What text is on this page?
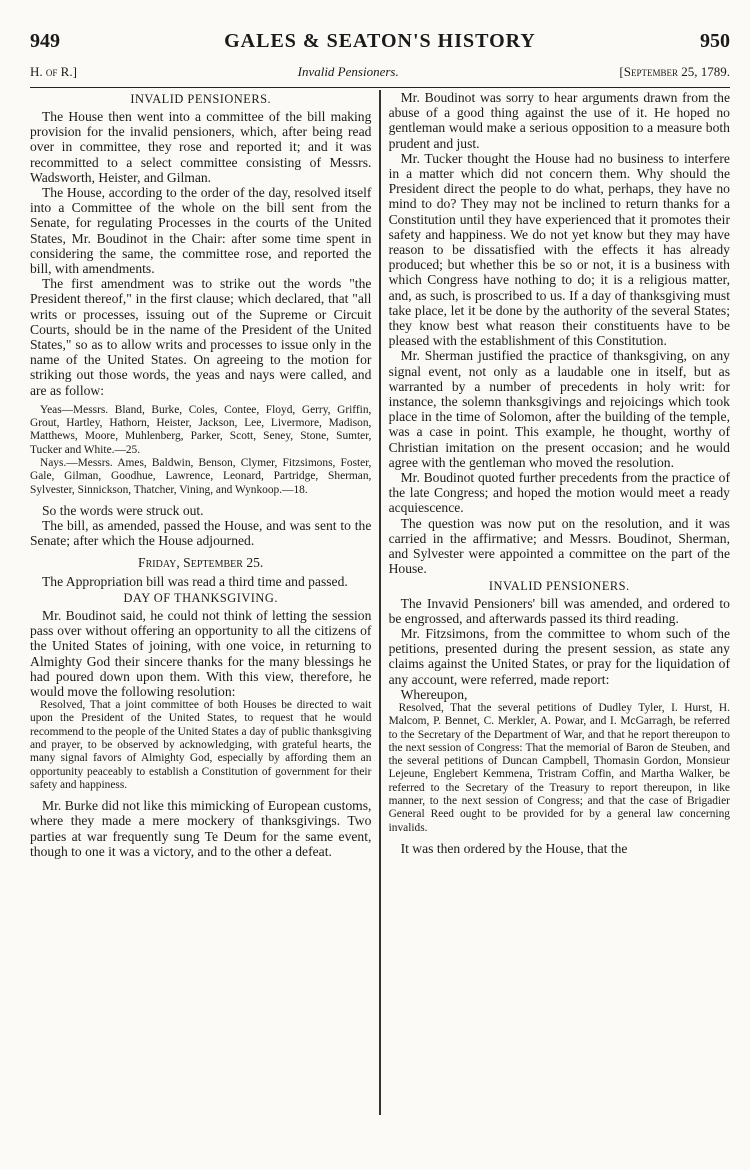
949	GALES & SEATON'S HISTORY	950
H. of R.]	Invalid Pensioners.	[September 25, 1789.
INVALID PENSIONERS.

The House then went into a committee of the bill making provision for the invalid pensioners, which, after being read over in committee, they rose and reported it; and it was recommitted to a select committee consisting of Messrs. Wadsworth, Heister, and Gilman.

The House, according to the order of the day, resolved itself into a Committee of the whole on the bill sent from the Senate, for regulating Processes in the courts of the United States, Mr. Boudinot in the Chair: after some time spent in considering the same, the committee rose, and reported the bill, with amendments.

The first amendment was to strike out the words "the President thereof," in the first clause; which declared, that "all writs or processes, issuing out of the Supreme or Circuit Courts, should be in the name of the President of the United States," so as to allow writs and processes to issue only in the name of the United States. On agreeing to the motion for striking out those words, the yeas and nays were called, and are as follow:

Yeas—Messrs. Bland, Burke, Coles, Contee, Floyd, Gerry, Griffin, Grout, Hartley, Hathorn, Heister, Jackson, Lee, Livermore, Madison, Matthews, Moore, Muhlenberg, Parker, Scott, Seney, Stone, Sumter, Tucker and White.—25.

Nays.—Messrs. Ames, Baldwin, Benson, Clymer, Fitzsimons, Foster, Gale, Gilman, Goodhue, Lawrence, Leonard, Partridge, Sherman, Sylvester, Sinnickson, Thatcher, Vining, and Wynkoop.—18.

So the words were struck out.

The bill, as amended, passed the House, and was sent to the Senate; after which the House adjourned.

Friday, September 25.

The Appropriation bill was read a third time and passed.

DAY OF THANKSGIVING.

Mr. Boudinot said, he could not think of letting the session pass over without offering an opportunity to all the citizens of the United States of joining, with one voice, in returning to Almighty God their sincere thanks for the many blessings he had poured down upon them. With this view, therefore, he would move the following resolution:

Resolved, That a joint committee of both Houses be directed to wait upon the President of the United States, to request that he would recommend to the people of the United States a day of public thanksgiving and prayer, to be observed by acknowledging, with grateful hearts, the many signal favors of Almighty God, especially by affording them an opportunity peaceably to establish a Constitution of government for their safety and happiness.

Mr. Burke did not like this mimicking of European customs, where they made a mere mockery of thanksgivings. Two parties at war frequently sung Te Deum for the same event, though to one it was a victory, and to the other a defeat.

Mr. Boudinot was sorry to hear arguments drawn from the abuse of a good thing against the use of it. He hoped no gentleman would make a serious opposition to a measure both prudent and just.

Mr. Tucker thought the House had no business to interfere in a matter which did not concern them. Why should the President direct the people to do what, perhaps, they have no mind to do? They may not be inclined to return thanks for a Constitution until they have experienced that it promotes their safety and happiness. We do not yet know but they may have reason to be dissatisfied with the effects it has already produced; but whether this be so or not, it is a business with which Congress have nothing to do; it is a religious matter, and, as such, is proscribed to us. If a day of thanksgiving must take place, let it be done by the authority of the several States; they know best what reason their constituents have to be pleased with the establishment of this Constitution.

Mr. Sherman justified the practice of thanksgiving, on any signal event, not only as a laudable one in itself, but as warranted by a number of precedents in holy writ: for instance, the solemn thanksgivings and rejoicings which took place in the time of Solomon, after the building of the temple, was a case in point. This example, he thought, worthy of Christian imitation on the present occasion; and he would agree with the gentleman who moved the resolution.

Mr. Boudinot quoted further precedents from the practice of the late Congress; and hoped the motion would meet a ready acquiescence.

The question was now put on the resolution, and it was carried in the affirmative; and Messrs. Boudinot, Sherman, and Sylvester were appointed a committee on the part of the House.

INVALID PENSIONERS.

The Invavid Pensioners' bill was amended, and ordered to be engrossed, and afterwards passed its third reading.

Mr. Fitzsimons, from the committee to whom such of the petitions, presented during the present session, as state any claims against the United States, or pray for the liquidation of any account, were referred, made report:

Whereupon,

Resolved, That the several petitions of Dudley Tyler, I. Hurst, H. Malcom, P. Bennet, C. Merkler, A. Powar, and I. McGarragh, be referred to the Secretary of the Department of War, and that he report thereupon to the next session of Congress: That the memorial of Baron de Steuben, and the several petitions of Duncan Campbell, Thomasin Gordon, Monsieur Lejeune, Englebert Kemmena, Tristram Coffin, and Martha Walker, be referred to the Secretary of the Treasury to report thereupon, in like manner, to the next session of Congress; and that the case of Brigadier General Reed ought to be provided for by a general law concerning invalids.

It was then ordered by the House, that the
